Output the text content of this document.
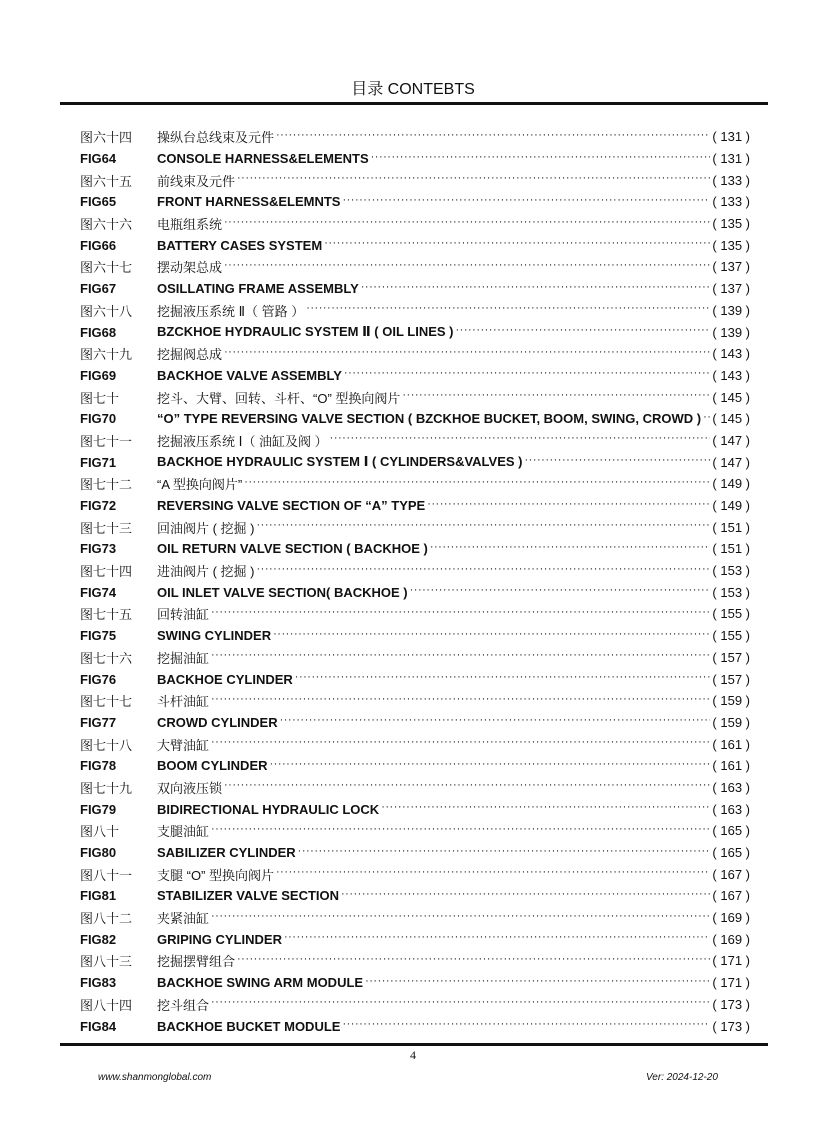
目录 CONTEBTS
图六十四	操纵台总线束及元件 ·····	( 131 )
FIG64	CONSOLE HARNESS&ELEMENTS ·····	( 131 )
图六十五	前线束及元件 ·····	( 133 )
FIG65	FRONT HARNESS&ELEMNTS ·····	( 133 )
图六十六	电瓶组系统 ·····	( 135 )
FIG66	BATTERY CASES SYSTEM ·····	( 135 )
图六十七	摆动架总成 ·····	( 137 )
FIG67	OSILLATING FRAME ASSEMBLY ·····	( 137 )
图六十八	挖掘液压系统 Ⅱ（ 管路 ） ·····	( 139 )
FIG68	BZCKHOE HYDRAULIC SYSTEM Ⅱ ( OIL LINES ) ·····	( 139 )
图六十九	挖掘阀总成 ·····	( 143 )
FIG69	BACKHOE VALVE ASSEMBLY ·····	( 143 )
图七十	挖斗、大臂、回转、斗杆、“O” 型换向阀片 ·····	( 145 )
FIG70	“O” TYPE REVERSING VALVE SECTION ( BZCKHOE BUCKET, BOOM, SWING, CROWD ) ····· ( 145 )
图七十一	挖掘液压系统 Ⅰ（ 油缸及阀 ） ·····	( 147 )
FIG71	BACKHOE HYDRAULIC SYSTEM Ⅰ ( CYLINDERS&VALVES ) ·····	( 147 )
图七十二	“A 型换向阀片” ·····	( 149 )
FIG72	REVERSING VALVE SECTION OF “A” TYPE ·····	( 149 )
图七十三	回油阀片 ( 挖掘 ) ·····	( 151 )
FIG73	OIL RETURN VALVE SECTION ( BACKHOE ) ·····	( 151 )
图七十四	进油阀片 ( 挖掘 ) ·····	( 153 )
FIG74	OIL INLET VALVE SECTION( BACKHOE ) ·····	( 153 )
图七十五	回转油缸 ·····	( 155 )
FIG75	SWING CYLINDER ·····	( 155 )
图七十六	挖掘油缸 ·····	( 157 )
FIG76	BACKHOE CYLINDER ·····	( 157 )
图七十七	斗杆油缸 ·····	( 159 )
FIG77	CROWD CYLINDER ·····	( 159 )
图七十八	大臂油缸 ·····	( 161 )
FIG78	BOOM CYLINDER ·····	( 161 )
图七十九	双向液压锁 ·····	( 163 )
FIG79	BIDIRECTIONAL HYDRAULIC LOCK ·····	( 163 )
图八十	支腿油缸 ·····	( 165 )
FIG80	SABILIZER CYLINDER ·····	( 165 )
图八十一	支腿 “O” 型换向阀片 ·····	( 167 )
FIG81	STABILIZER VALVE SECTION ·····	( 167 )
图八十二	夹紧油缸 ·····	( 169 )
FIG82	GRIPING CYLINDER ·····	( 169 )
图八十三	挖掘摆臂组合 ·····	( 171 )
FIG83	BACKHOE SWING ARM MODULE ·····	( 171 )
图八十四	挖斗组合 ·····	( 173 )
FIG84	BACKHOE BUCKET MODULE ·····	( 173 )
4
www.shanmonglobal.com	Ver: 2024-12-20
